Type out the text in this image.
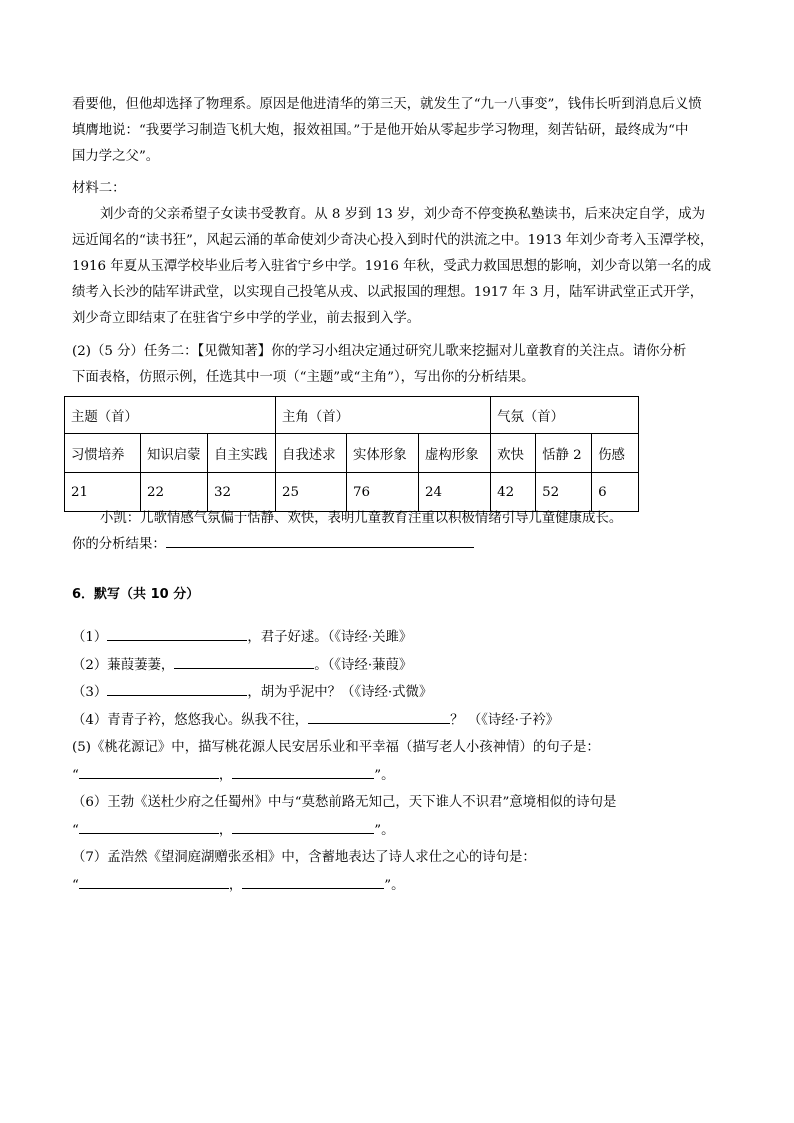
看要他，但他却选择了物理系。原因是他进清华的第三天，就发生了“九一八事变”，钱伟长听到消息后义愤
填膺地说：“我要学习制造飞机大炮，报效祖国。”于是他开始从零起步学习物理，刻苦钻研，最终成为“中
国力学之父”。
材料二：
刘少奇的父亲希望子女读书受教育。从 8 岁到 13 岁，刘少奇不停变换私塾读书，后来决定自学，成为
远近闻名的“读书狂”，风起云涌的革命使刘少奇决心投入到时代的洪流之中。1913 年刘少奇考入玉潭学校，
1916 年夏从玉潭学校毕业后考入驻省宁乡中学。1916 年秋，受武力救国思想的影响，刘少奇以第一名的成
绩考入长沙的陆军讲武堂，以实现自己投笔从戎、以武报国的理想。1917 年 3 月，陆军讲武堂正式开学，
刘少奇立即结束了在驻省宁乡中学的学业，前去报到入学。
(2)（5 分）任务二：【见微知著】你的学习小组决定通过研究儿歌来挖掘对儿童教育的关注点。请你分析
下面表格，仿照示例，任选其中一项（“主题”或“主角”），写出你的分析结果。
主题（首）			主角（首）			气氛（首）		
习惯培养	知识启蒙	自主实践	自我述求	实体形象	虚构形象	欢快	恬静 2	伤感
21	22	32	25	76	24	42	52	6
小凯：儿歌情感气氛偏于恬静、欢快，表明儿童教育注重以积极情绪引导儿童健康成长。
你的分析结果：
6．默写（共 10 分）
（1）	，君子好逑。（《诗经·关雎》
（2）蒹葭萋萋，	。（《诗经·蒹葭》
（3）	，胡为乎泥中？（《诗经·式微》
（4）青青子衿，悠悠我心。纵我不往，	？ （《诗经·子衿》
(5)《桃花源记》中，描写桃花源人民安居乐业和平幸福（描写老人小孩神情）的句子是：
“	，	”。
（6）王勃《送杜少府之任蜀州》中与“莫愁前路无知己，天下谁人不识君”意境相似的诗句是
“	，	”。
（7）孟浩然《望洞庭湖赠张丞相》中，含蓄地表达了诗人求仕之心的诗句是：
“	，	”。
